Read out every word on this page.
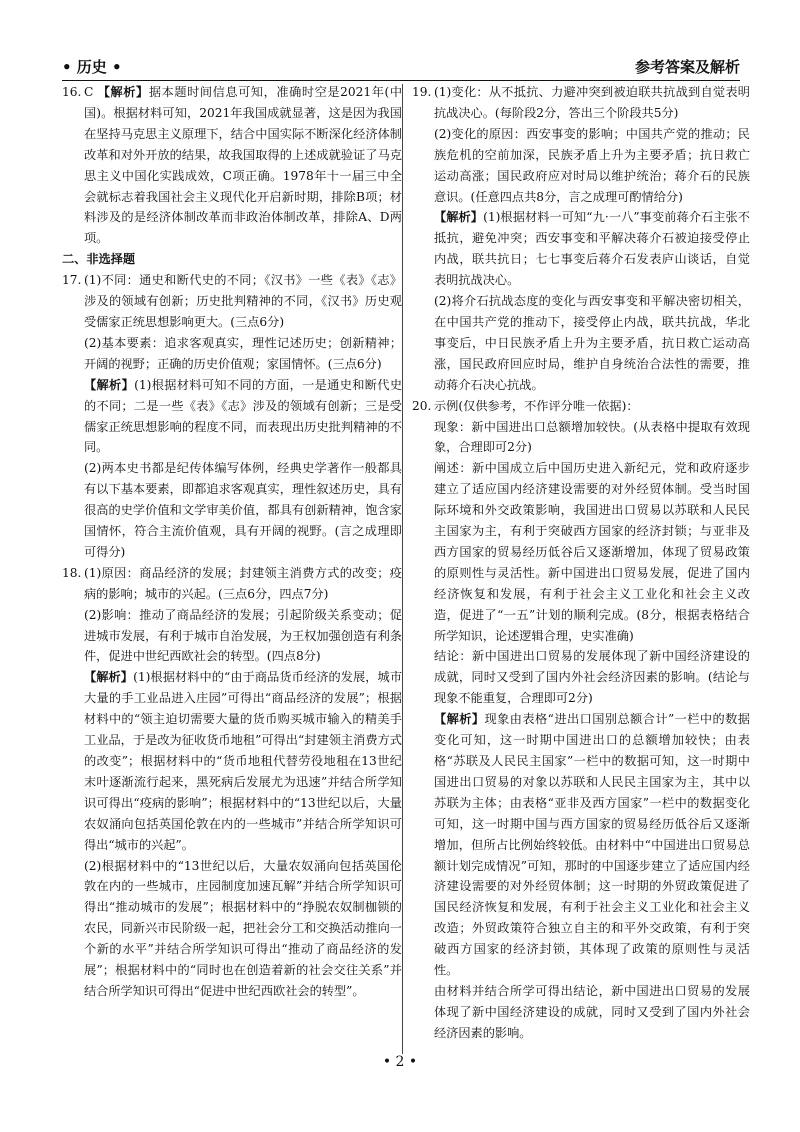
• 历史 •	参考答案及解析

16. C 【解析】据本题时间信息可知，准确时空是2021年(中国)。根据材料可知，2021年我国成就显著，这是因为我国在坚持马克思主义原理下，结合中国实际不断深化经济体制改革和对外开放的结果，故我国取得的上述成就验证了马克思主义中国化实践成效，C项正确。1978年十一届三中全会就标志着我国社会主义现代化开启新时期，排除B项；材料涉及的是经济体制改革而非政治体制改革，排除A、D两项。

二、非选择题

17. (1)不同：通史和断代史的不同；《汉书》一些《表》《志》涉及的领域有创新；历史批判精神的不同，《汉书》历史观受儒家正统思想影响更大。(三点6分)

(2)基本要素：追求客观真实，理性记述历史；创新精神；开阔的视野；正确的历史价值观；家国情怀。(三点6分)

【解析】(1)根据材料可知不同的方面，一是通史和断代史的不同；二是一些《表》《志》涉及的领域有创新；三是受儒家正统思想影响的程度不同，而表现出历史批判精神的不同。

(2)两本史书都是纪传体编写体例，经典史学著作一般都具有以下基本要素，即都追求客观真实，理性叙述历史，具有很高的史学价值和文学审美价值，都具有创新精神，饱含家国情怀，符合主流价值观，具有开阔的视野。(言之成理即可得分)

18. (1)原因：商品经济的发展；封建领主消费方式的改变；疫病的影响；城市的兴起。(三点6分，四点7分)

(2)影响：推动了商品经济的发展；引起阶级关系变动；促进城市发展，有利于城市自治发展，为王权加强创造有利条件，促进中世纪西欧社会的转型。(四点8分)

【解析】(1)根据材料中的“由于商品货币经济的发展，城市大量的手工业品进入庄园”可得出“商品经济的发展”；根据材料中的“领主迫切需要大量的货币购买城市输入的精美手工业品，于是改为征收货币地租”可得出“封建领主消费方式的改变”；根据材料中的“货币地租代替劳役地租在13世纪末叶逐渐流行起来，黑死病后发展尤为迅速”并结合所学知识可得出“疫病的影响”；根据材料中的“13世纪以后，大量农奴涌向包括英国伦敦在内的一些城市”并结合所学知识可得出“城市的兴起”。

(2)根据材料中的“13世纪以后，大量农奴涌向包括英国伦敦在内的一些城市，庄园制度加速瓦解”并结合所学知识可得出“推动城市的发展”；根据材料中的“挣脱农奴制枷锁的农民，同新兴市民阶级一起，把社会分工和交换活动推向一个新的水平”并结合所学知识可得出“推动了商品经济的发展”；根据材料中的“同时也在创造着新的社会交往关系”并结合所学知识可得出“促进中世纪西欧社会的转型”。

19. (1)变化：从不抵抗、力避冲突到被迫联共抗战到自觉表明抗战决心。(每阶段2分，答出三个阶段共5分)

(2)变化的原因：西安事变的影响；中国共产党的推动；民族危机的空前加深，民族矛盾上升为主要矛盾；抗日救亡运动高涨；国民政府应对时局以维护统治；蒋介石的民族意识。(任意四点共8分，言之成理可酌情给分)

【解析】(1)根据材料一可知“九·一八”事变前蒋介石主张不抵抗，避免冲突；西安事变和平解决蒋介石被迫接受停止内战，联共抗日；七七事变后蒋介石发表庐山谈话，自觉表明抗战决心。

(2)将介石抗战态度的变化与西安事变和平解决密切相关，在中国共产党的推动下，接受停止内战，联共抗战，华北事变后，中日民族矛盾上升为主要矛盾，抗日救亡运动高涨，国民政府回应时局，维护自身统治合法性的需要，推动蒋介石决心抗战。

20. 示例(仅供参考，不作评分唯一依据)：

现象：新中国进出口总额增加较快。(从表格中提取有效现象，合理即可2分)

阐述：新中国成立后中国历史进入新纪元，党和政府逐步建立了适应国内经济建设需要的对外经贸体制。受当时国际环境和外交政策影响，我国进出口贸易以苏联和人民民主国家为主，有利于突破西方国家的经济封锁；与亚非及西方国家的贸易经历低谷后又逐渐增加，体现了贸易政策的原则性与灵活性。新中国进出口贸易发展，促进了国内经济恢复和发展，有利于社会主义工业化和社会主义改造，促进了“一五”计划的顺利完成。(8分，根据表格结合所学知识，论述逻辑合理，史实准确)

结论：新中国进出口贸易的发展体现了新中国经济建设的成就，同时又受到了国内外社会经济因素的影响。(结论与现象不能重复，合理即可2分)

【解析】现象由表格“进出口国别总额合计”一栏中的数据变化可知，这一时期中国进出口的总额增加较快；由表格“苏联及人民民主国家”一栏中的数据可知，这一时期中国进出口贸易的对象以苏联和人民民主国家为主，其中以苏联为主体；由表格“亚非及西方国家”一栏中的数据变化可知，这一时期中国与西方国家的贸易经历低谷后又逐渐增加，但所占比例始终较低。由材料中“中国进出口贸易总额计划完成情况”可知，那时的中国逐步建立了适应国内经济建设需要的对外经贸体制；这一时期的外贸政策促进了国民经济恢复和发展，有利于社会主义工业化和社会主义改造；外贸政策符合独立自主的和平外交政策，有利于突破西方国家的经济封锁，其体现了政策的原则性与灵活性。

由材料并结合所学可得出结论，新中国进出口贸易的发展体现了新中国经济建设的成就，同时又受到了国内外社会经济因素的影响。

• 2 •
